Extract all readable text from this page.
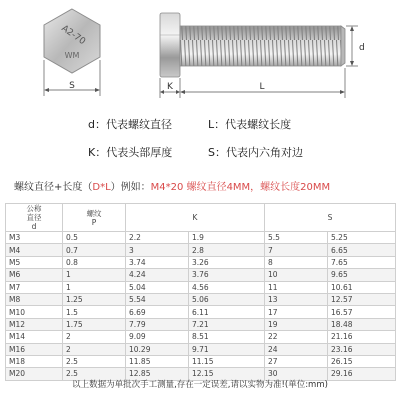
A2-70
WM
S	K	L
d
d：代表螺纹直径	L：代表螺纹长度
K：代表头部厚度	S：代表内六角对边
螺纹直径+长度（D*L）例如：M4*20 螺纹直径4MM，螺纹长度20MM
公称
直径
d	螺纹
P	K		S	
M3	0.5	2.2	1.9	5.5	5.25
M4	0.7	3	2.8	7	6.65
M5	0.8	3.74	3.26	8	7.65
M6	1	4.24	3.76	10	9.65
M7	1	5.04	4.56	11	10.61
M8	1.25	5.54	5.06	13	12.57
M10	1.5	6.69	6.11	17	16.57
M12	1.75	7.79	7.21	19	18.48
M14	2	9.09	8.51	22	21.16
M16	2	10.29	9.71	24	23.16
M18	2.5	11.85	11.15	27	26.15
M20	2.5	12.85	12.15	30	29.16
以上数据为单批次手工测量,存在一定误差,请以实物为准!(单位:mm)
